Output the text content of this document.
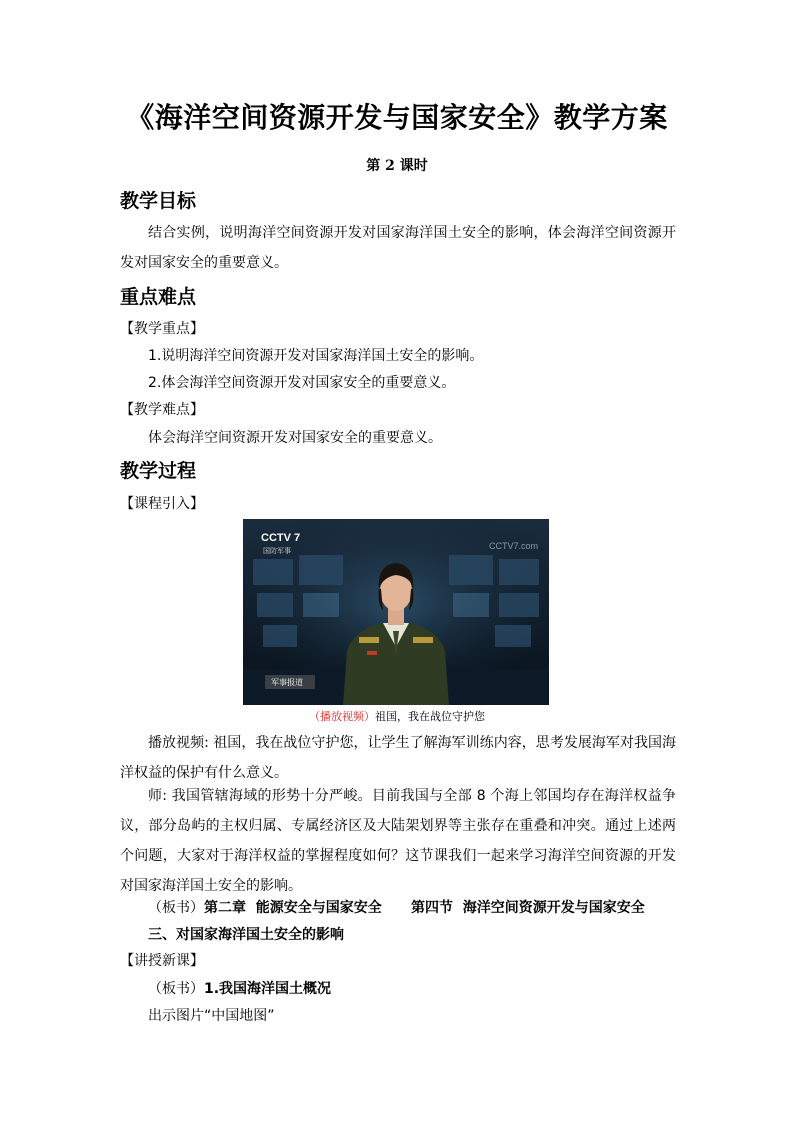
《海洋空间资源开发与国家安全》教学方案
第 2 课时
教学目标
结合实例，说明海洋空间资源开发对国家海洋国土安全的影响，体会海洋空间资源开发对国家安全的重要意义。
重点难点
【教学重点】
1.说明海洋空间资源开发对国家海洋国土安全的影响。
2.体会海洋空间资源开发对国家安全的重要意义。
【教学难点】
体会海洋空间资源开发对国家安全的重要意义。
教学过程
【课程引入】
CCTV 7
国防军事
CCTV7.com
军事报道
（播放视频）祖国，我在战位守护您
播放视频: 祖国，我在战位守护您，让学生了解海军训练内容，思考发展海军对我国海洋权益的保护有什么意义。
师: 我国管辖海域的形势十分严峻。目前我国与全部 8 个海上邻国均存在海洋权益争议，部分岛屿的主权归属、专属经济区及大陆架划界等主张存在重叠和冲突。通过上述两个问题，大家对于海洋权益的掌握程度如何？这节课我们一起来学习海洋空间资源的开发对国家海洋国土安全的影响。
（板书）第二章  能源安全与国家安全      第四节  海洋空间资源开发与国家安全
三、对国家海洋国土安全的影响
【讲授新课】
（板书）1.我国海洋国土概况
出示图片“中国地图”
